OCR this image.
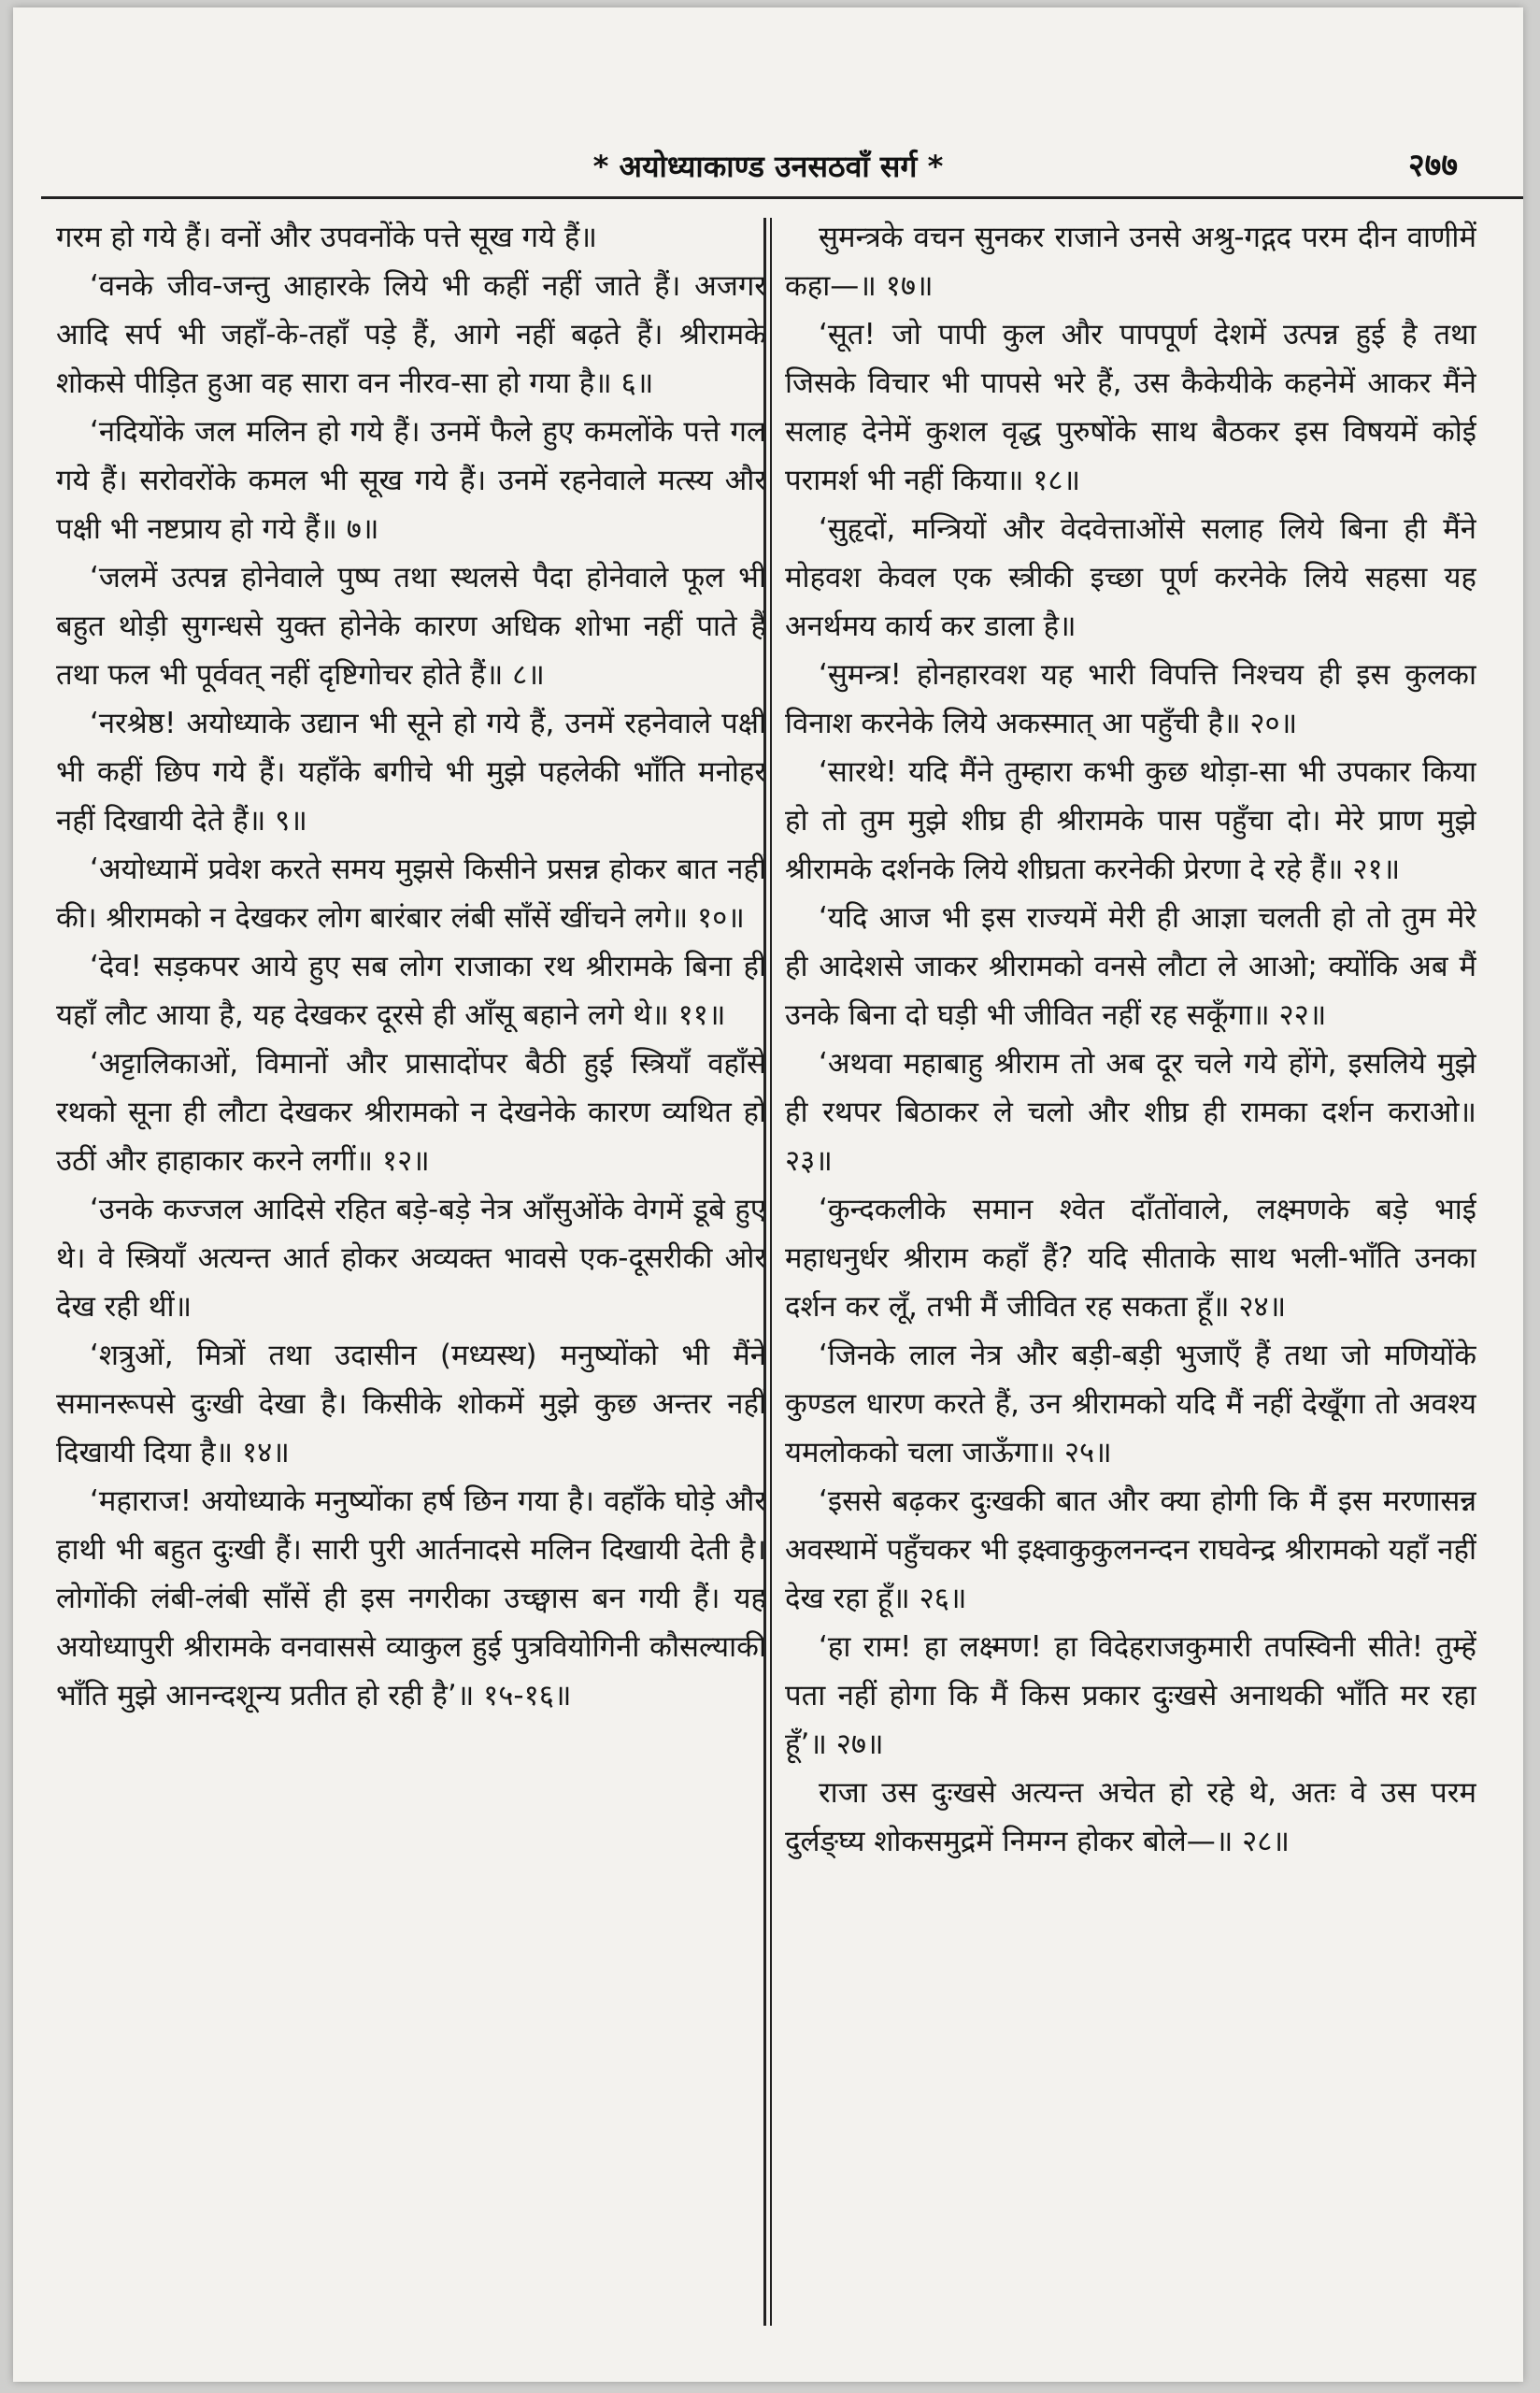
* अयोध्याकाण्ड उनसठवाँ सर्ग *	२७७

गरम हो गये हैं। वनों और उपवनोंके पत्ते सूख गये हैं॥

‘वनके जीव-जन्तु आहारके लिये भी कहीं नहीं जाते हैं। अजगर आदि सर्प भी जहाँ-के-तहाँ पड़े हैं, आगे नहीं बढ़ते हैं। श्रीरामके शोकसे पीड़ित हुआ वह सारा वन नीरव-सा हो गया है॥ ६॥

‘नदियोंके जल मलिन हो गये हैं। उनमें फैले हुए कमलोंके पत्ते गल गये हैं। सरोवरोंके कमल भी सूख गये हैं। उनमें रहनेवाले मत्स्य और पक्षी भी नष्टप्राय हो गये हैं॥ ७॥

‘जलमें उत्पन्न होनेवाले पुष्प तथा स्थलसे पैदा होनेवाले फूल भी बहुत थोड़ी सुगन्धसे युक्त होनेके कारण अधिक शोभा नहीं पाते हैं तथा फल भी पूर्ववत् नहीं दृष्टिगोचर होते हैं॥ ८॥

‘नरश्रेष्ठ! अयोध्याके उद्यान भी सूने हो गये हैं, उनमें रहनेवाले पक्षी भी कहीं छिप गये हैं। यहाँके बगीचे भी मुझे पहलेकी भाँति मनोहर नहीं दिखायी देते हैं॥ ९॥

‘अयोध्यामें प्रवेश करते समय मुझसे किसीने प्रसन्न होकर बात नहीं की। श्रीरामको न देखकर लोग बारंबार लंबी साँसें खींचने लगे॥ १०॥

‘देव! सड़कपर आये हुए सब लोग राजाका रथ श्रीरामके बिना ही यहाँ लौट आया है, यह देखकर दूरसे ही आँसू बहाने लगे थे॥ ११॥

‘अट्टालिकाओं, विमानों और प्रासादोंपर बैठी हुई स्त्रियाँ वहाँसे रथको सूना ही लौटा देखकर श्रीरामको न देखनेके कारण व्यथित हो उठीं और हाहाकार करने लगीं॥ १२॥

‘उनके कज्जल आदिसे रहित बड़े-बड़े नेत्र आँसुओंके वेगमें डूबे हुए थे। वे स्त्रियाँ अत्यन्त आर्त होकर अव्यक्त भावसे एक-दूसरीकी ओर देख रही थीं॥

‘शत्रुओं, मित्रों तथा उदासीन (मध्यस्थ) मनुष्योंको भी मैंने समानरूपसे दुःखी देखा है। किसीके शोकमें मुझे कुछ अन्तर नहीं दिखायी दिया है॥ १४॥

‘महाराज! अयोध्याके मनुष्योंका हर्ष छिन गया है। वहाँके घोड़े और हाथी भी बहुत दुःखी हैं। सारी पुरी आर्तनादसे मलिन दिखायी देती है। लोगोंकी लंबी-लंबी साँसें ही इस नगरीका उच्छ्वास बन गयी हैं। यह अयोध्यापुरी श्रीरामके वनवाससे व्याकुल हुई पुत्रवियोगिनी कौसल्याकी भाँति मुझे आनन्दशून्य प्रतीत हो रही है’॥ १५-१६॥

सुमन्त्रके वचन सुनकर राजाने उनसे अश्रु-गद्गद परम दीन वाणीमें कहा—॥ १७॥

‘सूत! जो पापी कुल और पापपूर्ण देशमें उत्पन्न हुई है तथा जिसके विचार भी पापसे भरे हैं, उस कैकेयीके कहनेमें आकर मैंने सलाह देनेमें कुशल वृद्ध पुरुषोंके साथ बैठकर इस विषयमें कोई परामर्श भी नहीं किया॥ १८॥

‘सुहृदों, मन्त्रियों और वेदवेत्ताओंसे सलाह लिये बिना ही मैंने मोहवश केवल एक स्त्रीकी इच्छा पूर्ण करनेके लिये सहसा यह अनर्थमय कार्य कर डाला है॥

‘सुमन्त्र! होनहारवश यह भारी विपत्ति निश्चय ही इस कुलका विनाश करनेके लिये अकस्मात् आ पहुँची है॥ २०॥

‘सारथे! यदि मैंने तुम्हारा कभी कुछ थोड़ा-सा भी उपकार किया हो तो तुम मुझे शीघ्र ही श्रीरामके पास पहुँचा दो। मेरे प्राण मुझे श्रीरामके दर्शनके लिये शीघ्रता करनेकी प्रेरणा दे रहे हैं॥ २१॥

‘यदि आज भी इस राज्यमें मेरी ही आज्ञा चलती हो तो तुम मेरे ही आदेशसे जाकर श्रीरामको वनसे लौटा ले आओ; क्योंकि अब मैं उनके बिना दो घड़ी भी जीवित नहीं रह सकूँगा॥ २२॥

‘अथवा महाबाहु श्रीराम तो अब दूर चले गये होंगे, इसलिये मुझे ही रथपर बिठाकर ले चलो और शीघ्र ही रामका दर्शन कराओ॥ २३॥

‘कुन्दकलीके समान श्वेत दाँतोंवाले, लक्ष्मणके बड़े भाई महाधनुर्धर श्रीराम कहाँ हैं? यदि सीताके साथ भली-भाँति उनका दर्शन कर लूँ, तभी मैं जीवित रह सकता हूँ॥ २४॥

‘जिनके लाल नेत्र और बड़ी-बड़ी भुजाएँ हैं तथा जो मणियोंके कुण्डल धारण करते हैं, उन श्रीरामको यदि मैं नहीं देखूँगा तो अवश्य यमलोकको चला जाऊँगा॥ २५॥

‘इससे बढ़कर दुःखकी बात और क्या होगी कि मैं इस मरणासन्न अवस्थामें पहुँचकर भी इक्ष्वाकुकुलनन्दन राघवेन्द्र श्रीरामको यहाँ नहीं देख रहा हूँ॥ २६॥

‘हा राम! हा लक्ष्मण! हा विदेहराजकुमारी तपस्विनी सीते! तुम्हें पता नहीं होगा कि मैं किस प्रकार दुःखसे अनाथकी भाँति मर रहा हूँ’॥ २७॥

राजा उस दुःखसे अत्यन्त अचेत हो रहे थे, अतः वे उस परम दुर्लङ्घ्य शोकसमुद्रमें निमग्न होकर बोले—॥ २८॥
